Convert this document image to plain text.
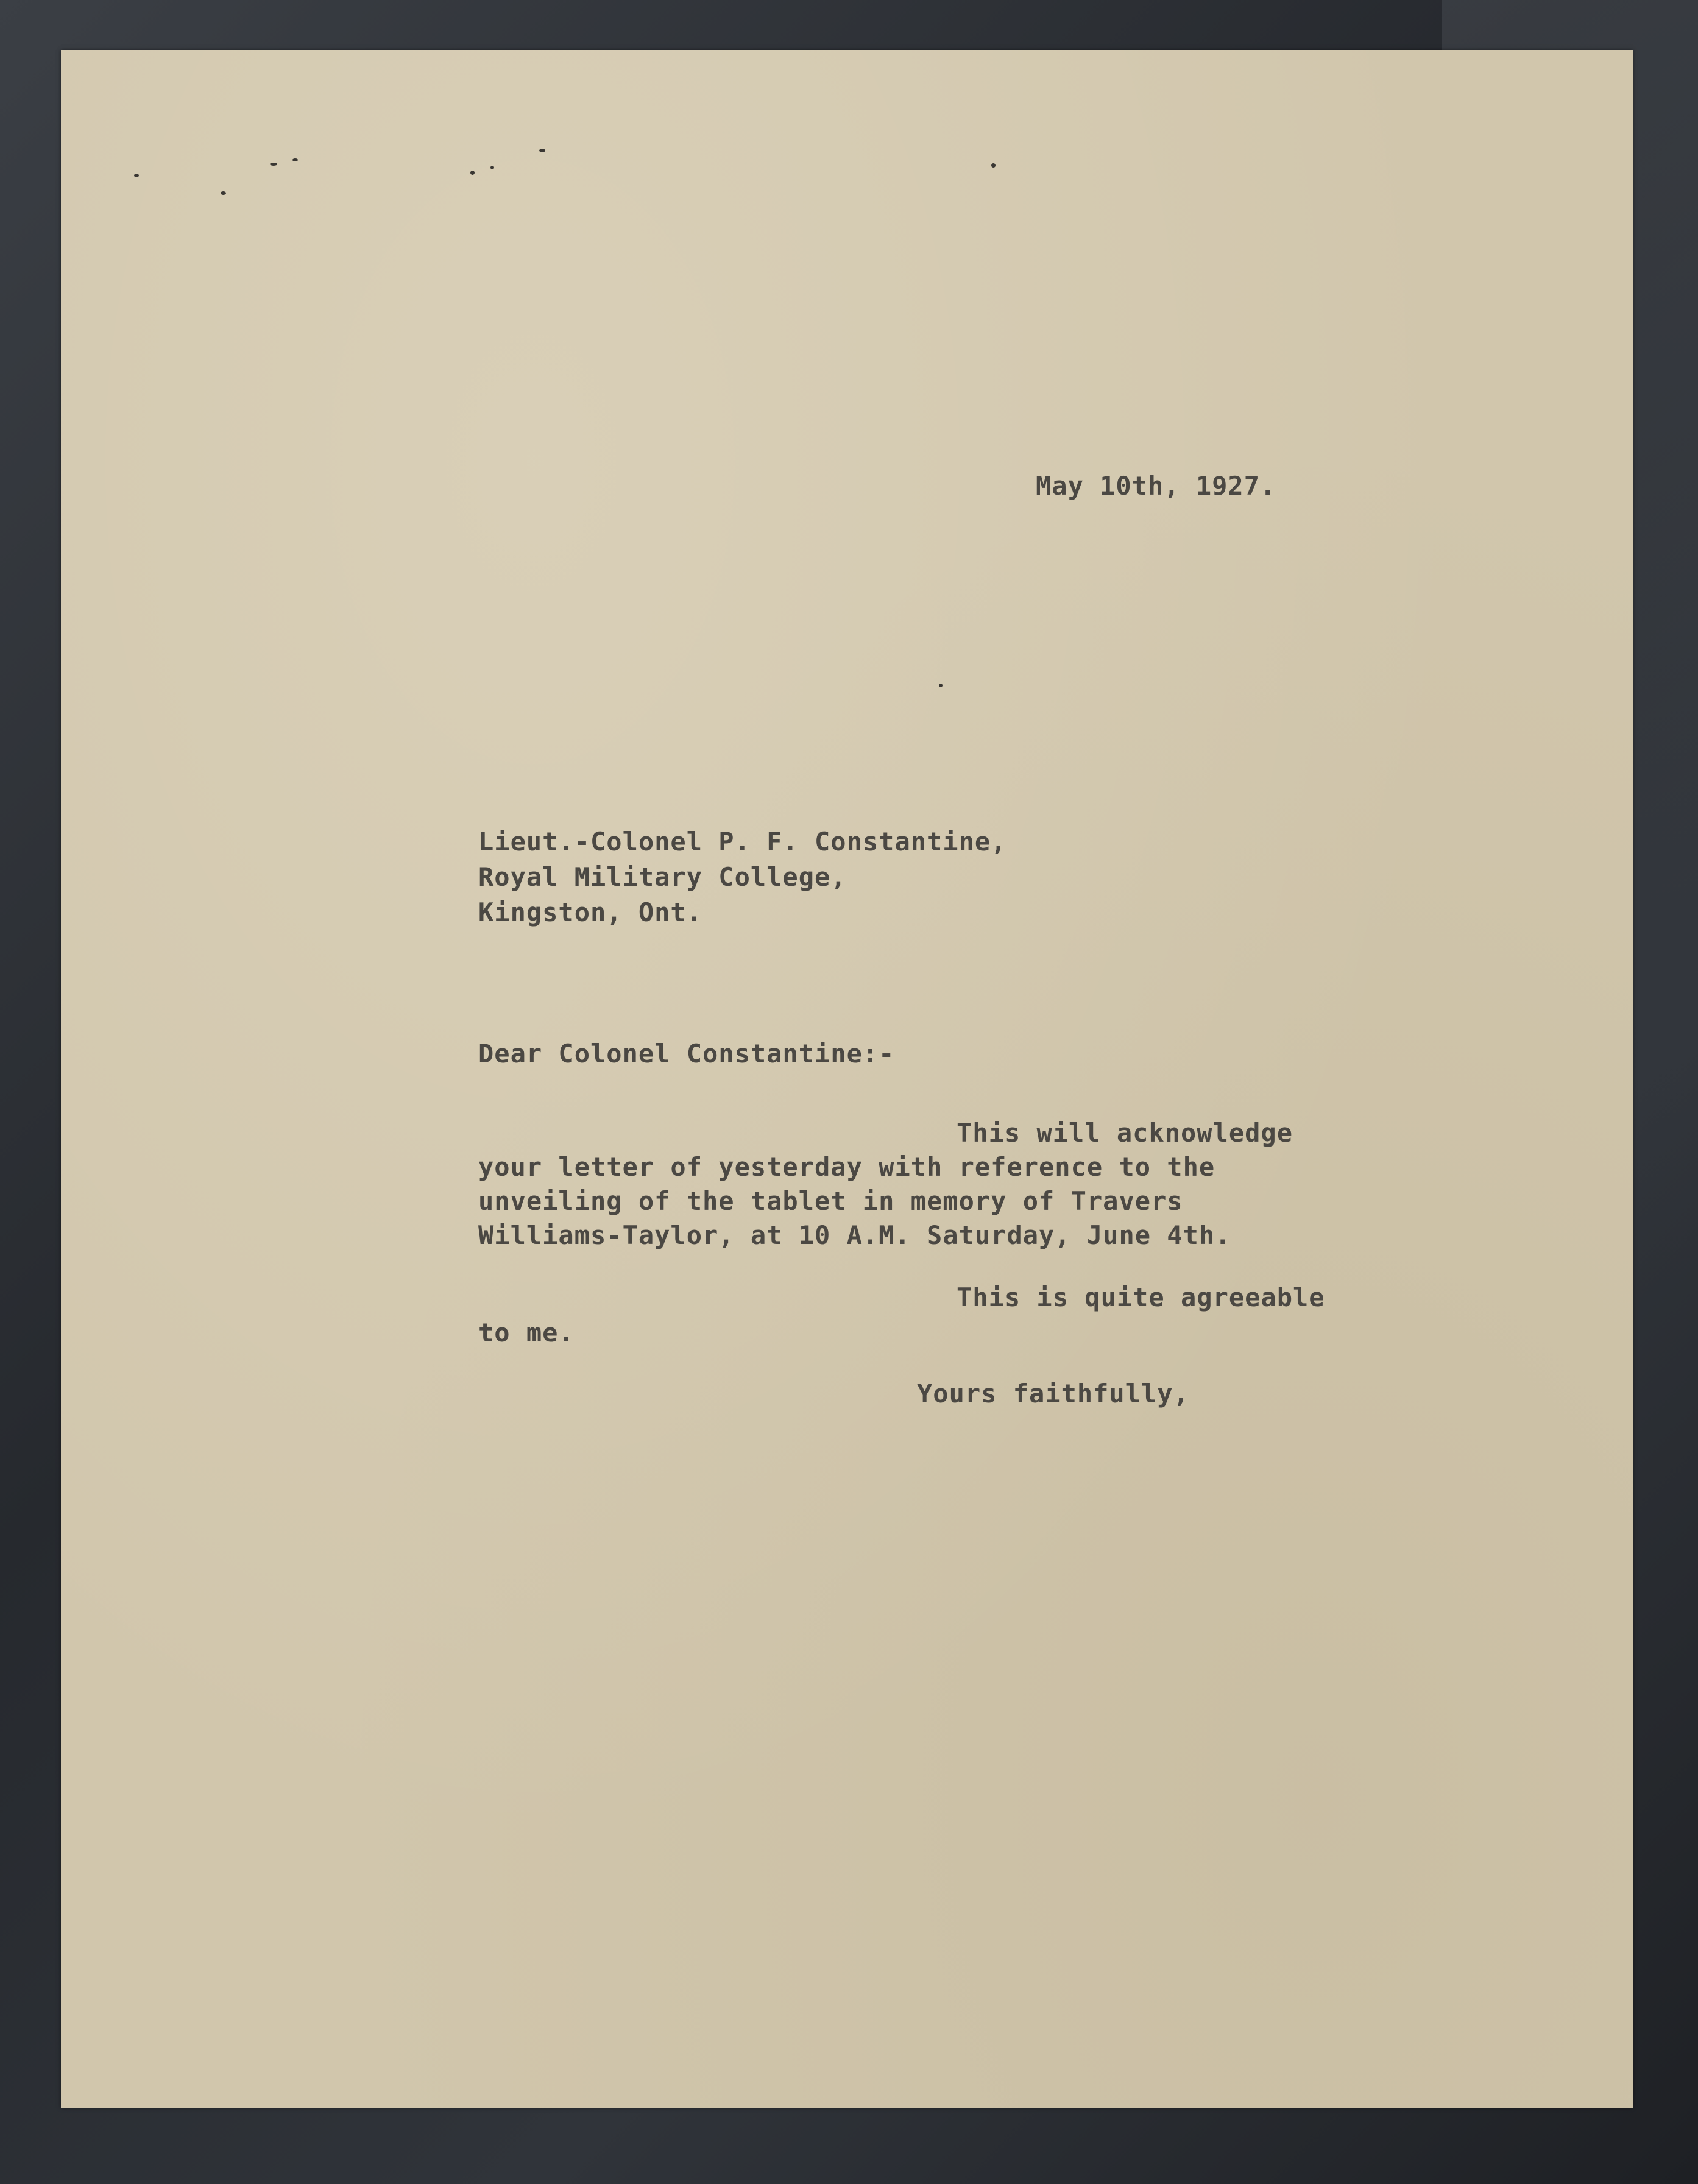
May 10th, 1927.
Lieut.-Colonel P. F. Constantine,
Royal Military College,
Kingston, Ont.
Dear Colonel Constantine:-
This will acknowledge
your letter of yesterday with reference to the
unveiling of the tablet in memory of Travers
Williams-Taylor, at 10 A.M. Saturday, June 4th.
This is quite agreeable
to me.
Yours faithfully,
